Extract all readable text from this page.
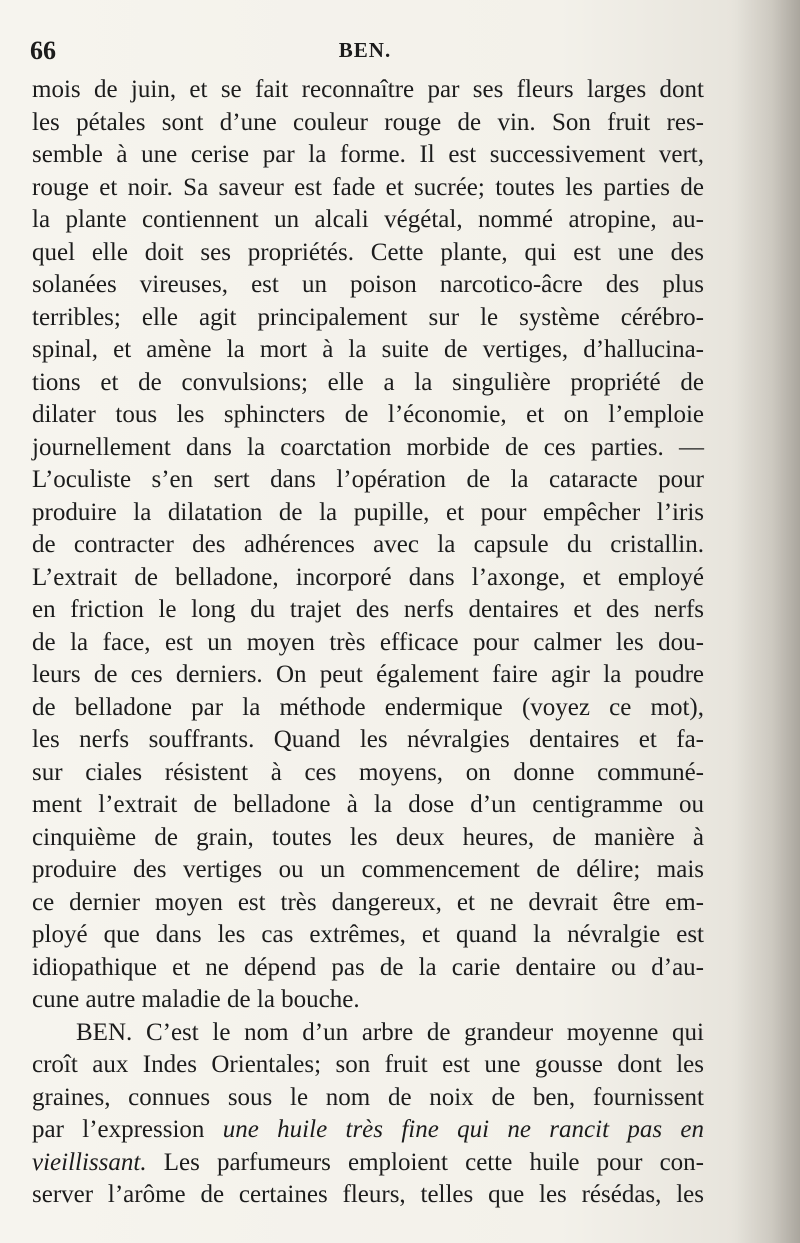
66	BEN.
mois de juin, et se fait reconnaître par ses fleurs larges dont
les pétales sont d’une couleur rouge de vin. Son fruit res-
semble à une cerise par la forme. Il est successivement vert,
rouge et noir. Sa saveur est fade et sucrée; toutes les parties de
la plante contiennent un alcali végétal, nommé atropine, au-
quel elle doit ses propriétés. Cette plante, qui est une des
solanées vireuses, est un poison narcotico-âcre des plus
terribles; elle agit principalement sur le système cérébro-
spinal, et amène la mort à la suite de vertiges, d’hallucina-
tions et de convulsions; elle a la singulière propriété de
dilater tous les sphincters de l’économie, et on l’emploie
journellement dans la coarctation morbide de ces parties. —
L’oculiste s’en sert dans l’opération de la cataracte pour
produire la dilatation de la pupille, et pour empêcher l’iris
de contracter des adhérences avec la capsule du cristallin.
L’extrait de belladone, incorporé dans l’axonge, et employé
en friction le long du trajet des nerfs dentaires et des nerfs
de la face, est un moyen très efficace pour calmer les dou-
leurs de ces derniers. On peut également faire agir la poudre
de belladone par la méthode endermique (voyez ce mot),
les nerfs souffrants. Quand les névralgies dentaires et fa-
sur ciales résistent à ces moyens, on donne communé-
ment l’extrait de belladone à la dose d’un centigramme ou
cinquième de grain, toutes les deux heures, de manière à
produire des vertiges ou un commencement de délire; mais
ce dernier moyen est très dangereux, et ne devrait être em-
ployé que dans les cas extrêmes, et quand la névralgie est
idiopathique et ne dépend pas de la carie dentaire ou d’au-
cune autre maladie de la bouche.
BEN. C’est le nom d’un arbre de grandeur moyenne qui
croît aux Indes Orientales; son fruit est une gousse dont les
graines, connues sous le nom de noix de ben, fournissent
par l’expression une huile très fine qui ne rancit pas en
vieillissant. Les parfumeurs emploient cette huile pour con-
server l’arôme de certaines fleurs, telles que les résédas, les
